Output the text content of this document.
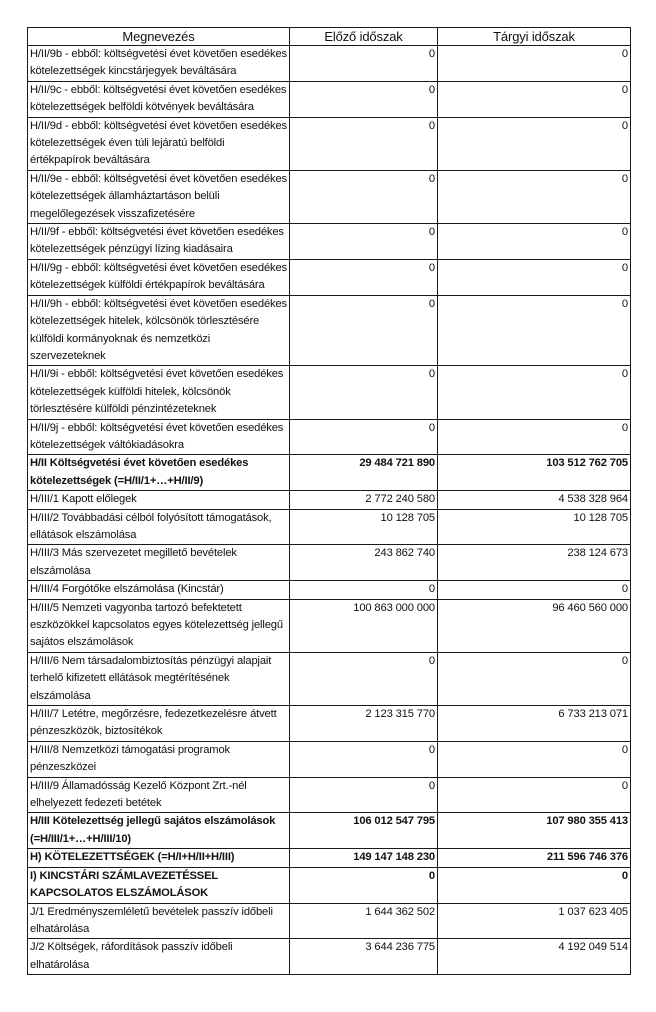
Megnevezés	Előző időszak	Tárgyi időszak
H/II/9b - ebből: költségvetési évet követően esedékes kötelezettségek kincstárjegyek beváltására	0	0
H/II/9c - ebből: költségvetési évet követően esedékes kötelezettségek belföldi kötvények beváltására	0	0
H/II/9d - ebből: költségvetési évet követően esedékes kötelezettségek éven túli lejáratú belföldi értékpapírok beváltására	0	0
H/II/9e - ebből: költségvetési évet követően esedékes kötelezettségek államháztartáson belüli megelőlegezések visszafizetésére	0	0
H/II/9f - ebből: költségvetési évet követően esedékes kötelezettségek pénzügyi lízing kiadásaira	0	0
H/II/9g - ebből: költségvetési évet követően esedékes kötelezettségek külföldi értékpapírok beváltására	0	0
H/II/9h - ebből: költségvetési évet követően esedékes kötelezettségek hitelek, kölcsönök törlesztésére külföldi kormányoknak és nemzetközi szervezeteknek	0	0
H/II/9i - ebből: költségvetési évet követően esedékes kötelezettségek külföldi hitelek, kölcsönök törlesztésére külföldi pénzintézeteknek	0	0
H/II/9j - ebből: költségvetési évet követően esedékes kötelezettségek váltókiadásokra	0	0
H/II Költségvetési évet követően esedékes kötelezettségek (=H/II/1+…+H/II/9)	29 484 721 890	103 512 762 705
H/III/1 Kapott előlegek	2 772 240 580	4 538 328 964
H/III/2 Továbbadási célból folyósított támogatások, ellátások elszámolása	10 128 705	10 128 705
H/III/3 Más szervezetet megillető bevételek elszámolása	243 862 740	238 124 673
H/III/4 Forgótőke elszámolása (Kincstár)	0	0
H/III/5 Nemzeti vagyonba tartozó befektetett eszközökkel kapcsolatos egyes kötelezettség jellegű sajátos elszámolások	100 863 000 000	96 460 560 000
H/III/6 Nem társadalombiztosítás pénzügyi alapjait terhelő kifizetett ellátások megtérítésének elszámolása	0	0
H/III/7 Letétre, megőrzésre, fedezetkezelésre átvett pénzeszközök, biztosítékok	2 123 315 770	6 733 213 071
H/III/8 Nemzetközi támogatási programok pénzeszközei	0	0
H/III/9 Államadósság Kezelő Központ Zrt.-nél elhelyezett fedezeti betétek	0	0
H/III Kötelezettség jellegű sajátos elszámolások (=H/III/1+…+H/III/10)	106 012 547 795	107 980 355 413
H) KÖTELEZETTSÉGEK (=H/I+H/II+H/III)	149 147 148 230	211 596 746 376
I) KINCSTÁRI SZÁMLAVEZETÉSSEL KAPCSOLATOS ELSZÁMOLÁSOK	0	0
J/1 Eredményszemléletű bevételek passzív időbeli elhatárolása	1 644 362 502	1 037 623 405
J/2 Költségek, ráfordítások passzív időbeli elhatárolása	3 644 236 775	4 192 049 514
